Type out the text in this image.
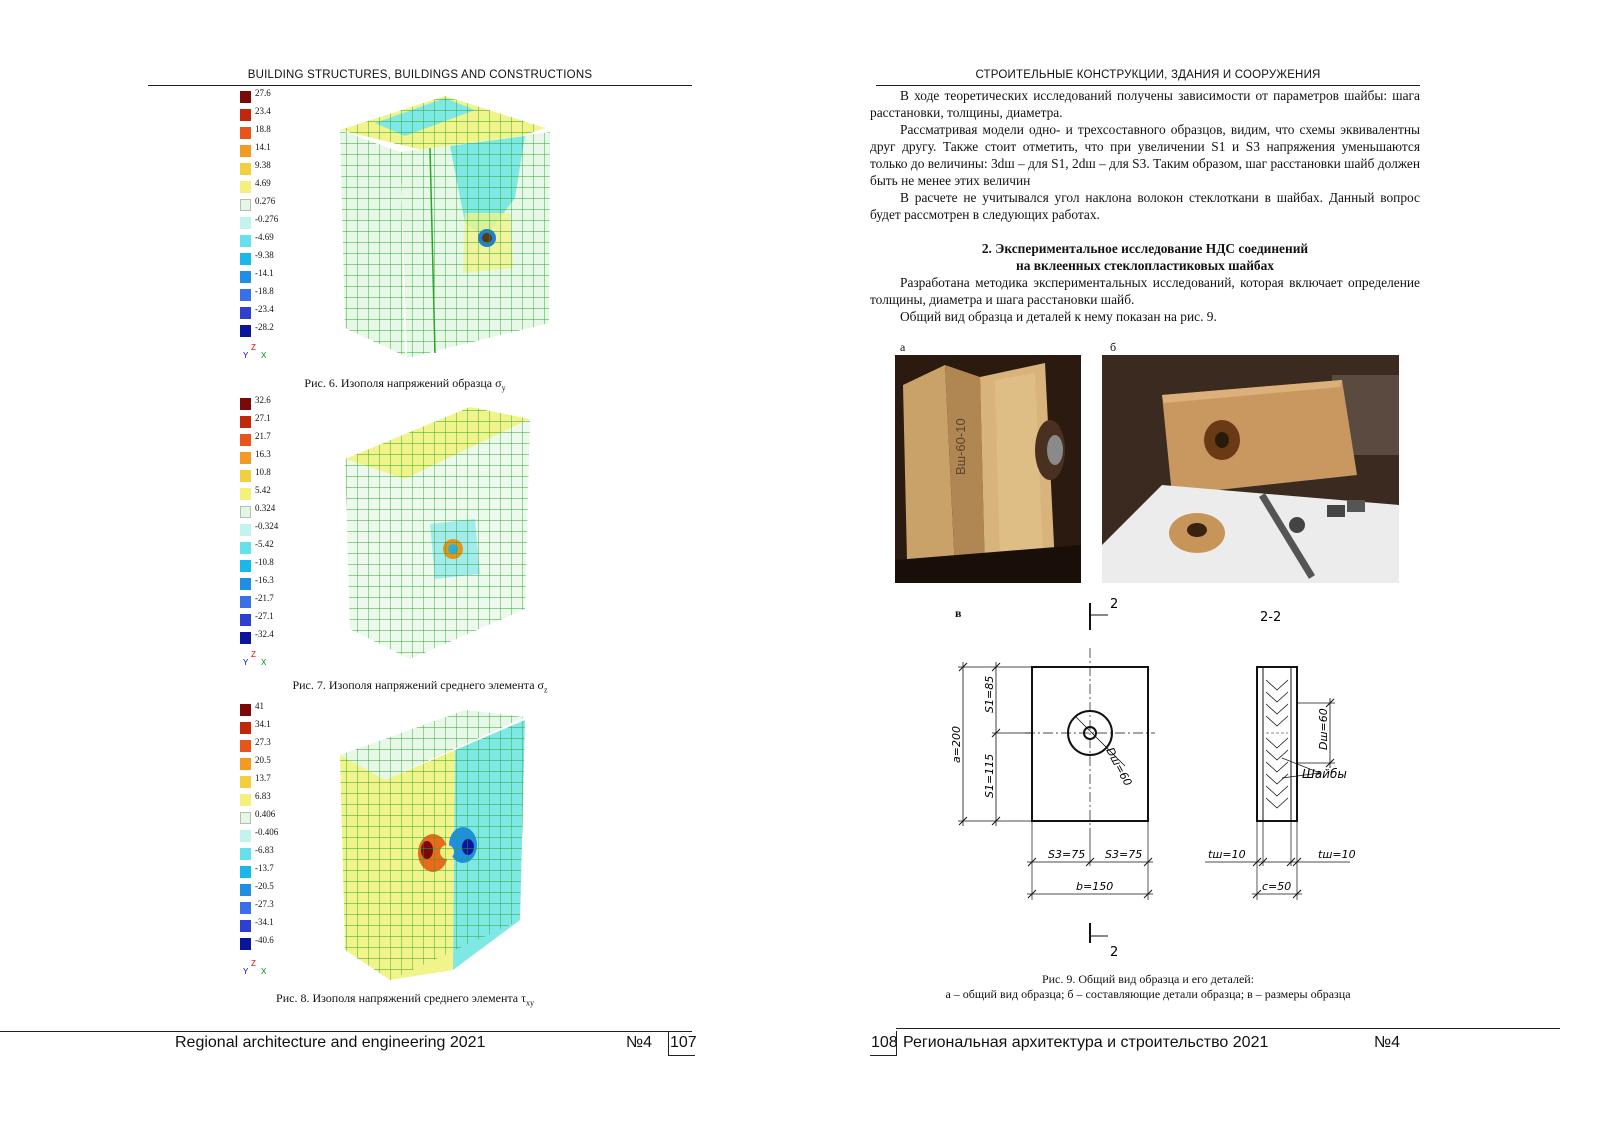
BUILDING STRUCTURES, BUILDINGS AND CONSTRUCTIONS
27.6
23.4
18.8
14.1
9.38
4.69
0.276
-0.276
-4.69
-9.38
-14.1
-18.8
-23.4
-28.2
Z
Y X
Рис. 6. Изополя напряжений образца $\sigma_y$
32.6
27.1
21.7
16.3
10.8
5.42
0.324
-0.324
-5.42
-10.8
-16.3
-21.7
-27.1
-32.4
Z
Y X
Рис. 7. Изополя напряжений среднего элемента $\sigma_z$
41
34.1
27.3
20.5
13.7
6.83
0.406
-0.406
-6.83
-13.7
-20.5
-27.3
-34.1
-40.6
Z
Y X
Рис. 8. Изополя напряжений среднего элемента $\tau_{xy}$
Regional architecture and engineering 2021	№4 107
СТРОИТЕЛЬНЫЕ КОНСТРУКЦИИ, ЗДАНИЯ И СООРУЖЕНИЯ

В ходе теоретических исследований получены зависимости от параметров шайбы: шага расстановки, толщины, диаметра.

Рассматривая модели одно- и трехсоставного образцов, видим, что схемы эквивалентны друг другу. Также стоит отметить, что при увеличении S1 и S3 напряжения уменьшаются только до величины: 3dш – для S1, 2dш – для S3. Таким образом, шаг расстановки шайб должен быть не менее этих величин

В расчете не учитывался угол наклона волокон стеклоткани в шайбах. Данный вопрос будет рассмотрен в следующих работах.

2. Экспериментальное исследование НДС соединений
на вклеенных стеклопластиковых шайбах

Разработана методика экспериментальных исследований, которая включает определение толщины, диаметра и шага расстановки шайб.

Общий вид образца и деталей к нему показан на рис. 9.

а	б
Вш-60-10
в
2
2-2
2
a=200
S1=85
S1=115	Dш=60
S3=75 S3=75
b=150
Dш=60
Шайбы
tш=10	tш=10
c=50
Рис. 9. Общий вид образца и его деталей:
а – общий вид образца; б – составляющие детали образца; в – размеры образца
108 Региональная архитектура и строительство 2021	№4
